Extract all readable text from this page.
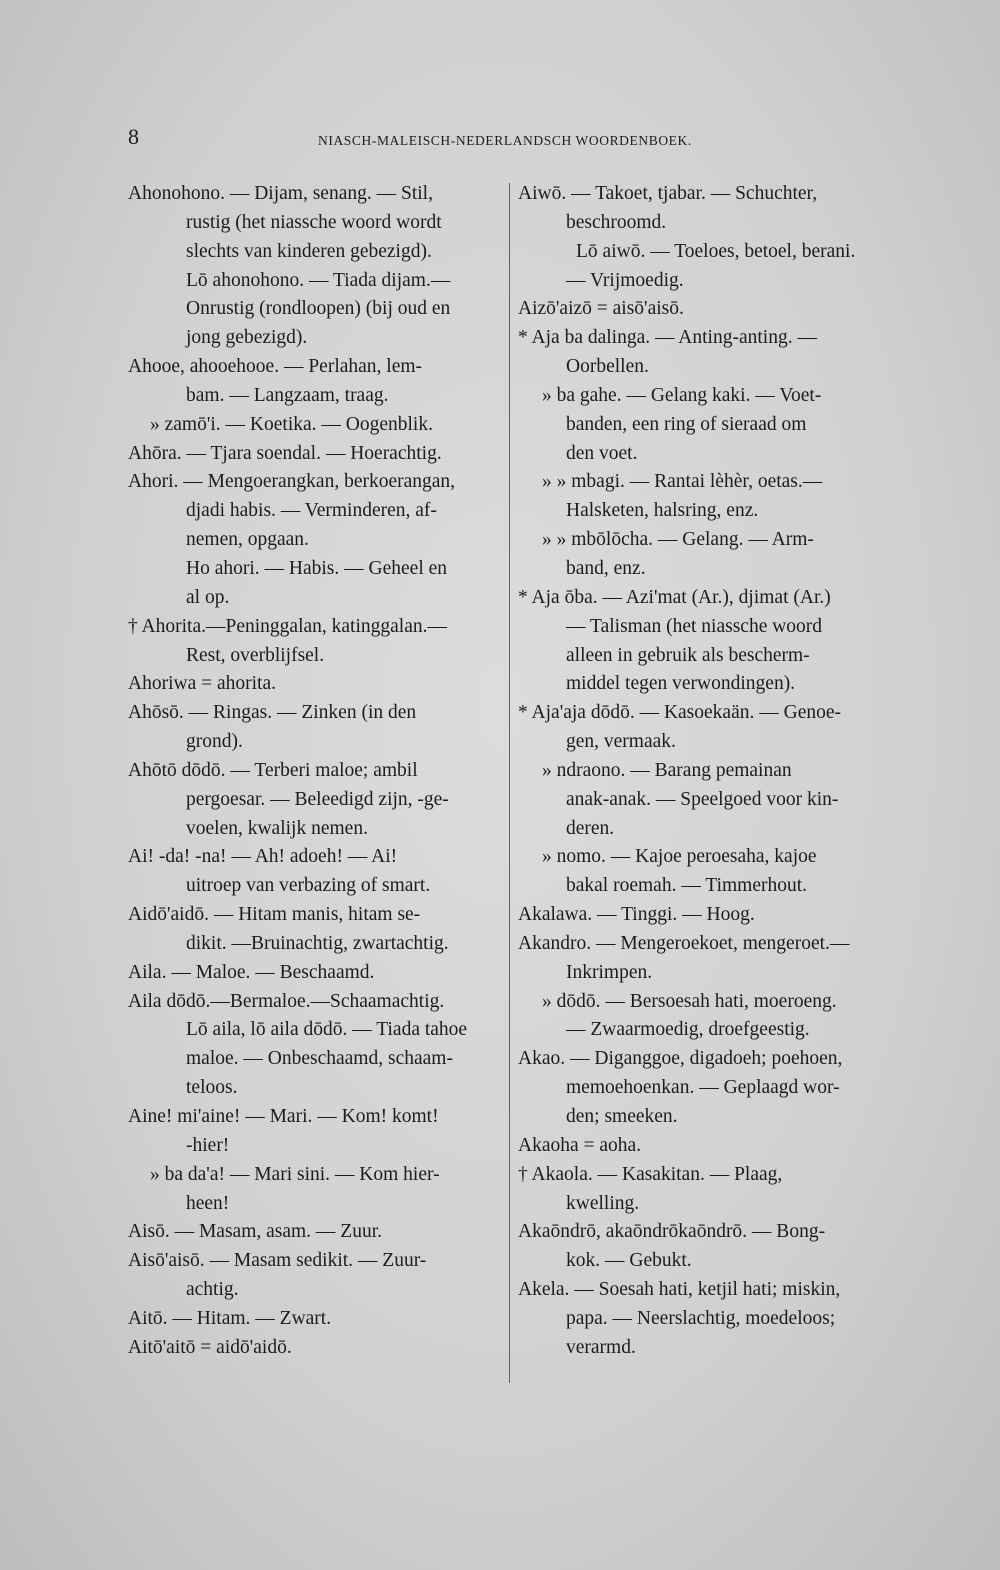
8	NIASCH-MALEISCH-NEDERLANDSCH WOORDENBOEK.
Ahonohono. — Dijam, senang. — Stil,
rustig (het niassche woord wordt
slechts van kinderen gebezigd).
Lō ahonohono. — Tiada dijam.—
Onrustig (rondloopen) (bij oud en
jong gebezigd).
Ahooe, ahooehooe. — Perlahan, lem-
bam. — Langzaam, traag.
» zamō'i. — Koetika. — Oogenblik.
Ahōra. — Tjara soendal. — Hoerachtig.
Ahori. — Mengoerangkan, berkoerangan,
djadi habis. — Verminderen, af-
nemen, opgaan.
Ho ahori. — Habis. — Geheel en
al op.
† Ahorita.—Peninggalan, katinggalan.—
Rest, overblijfsel.
Ahoriwa = ahorita.
Ahōsō. — Ringas. — Zinken (in den
grond).
Ahōtō dōdō. — Terberi maloe; ambil
pergoesar. — Beleedigd zijn, -ge-
voelen, kwalijk nemen.
Ai! -da! -na! — Ah! adoeh! — Ai!
uitroep van verbazing of smart.
Aidō'aidō. — Hitam manis, hitam se-
dikit. —Bruinachtig, zwartachtig.
Aila. — Maloe. — Beschaamd.
Aila dōdō.—Bermaloe.—Schaamachtig.
Lō aila, lō aila dōdō. — Tiada tahoe
maloe. — Onbeschaamd, schaam-
teloos.
Aine! mi'aine! — Mari. — Kom! komt!
-hier!
» ba da'a! — Mari sini. — Kom hier-
heen!
Aisō. — Masam, asam. — Zuur.
Aisō'aisō. — Masam sedikit. — Zuur-
achtig.
Aitō. — Hitam. — Zwart.
Aitō'aitō = aidō'aidō.
Aiwō. — Takoet, tjabar. — Schuchter,
beschroomd.
Lō aiwō. — Toeloes, betoel, berani.
— Vrijmoedig.
Aizō'aizō = aisō'aisō.
* Aja ba dalinga. — Anting-anting. —
Oorbellen.
» ba gahe. — Gelang kaki. — Voet-
banden, een ring of sieraad om
den voet.
» » mbagi. — Rantai lèhèr, oetas.—
Halsketen, halsring, enz.
» » mbōlōcha. — Gelang. — Arm-
band, enz.
* Aja ōba. — Azi'mat (Ar.), djimat (Ar.)
— Talisman (het niassche woord
alleen in gebruik als bescherm-
middel tegen verwondingen).
* Aja'aja dōdō. — Kasoekaän. — Genoe-
gen, vermaak.
» ndraono. — Barang pemainan
anak-anak. — Speelgoed voor kin-
deren.
» nomo. — Kajoe peroesaha, kajoe
bakal roemah. — Timmerhout.
Akalawa. — Tinggi. — Hoog.
Akandro. — Mengeroekoet, mengeroet.—
Inkrimpen.
» dōdō. — Bersoesah hati, moeroeng.
— Zwaarmoedig, droefgeestig.
Akao. — Diganggoe, digadoeh; poehoen,
memoehoenkan. — Geplaagd wor-
den; smeeken.
Akaoha = aoha.
† Akaola. — Kasakitan. — Plaag,
kwelling.
Akaōndrō, akaōndrōkaōndrō. — Bong-
kok. — Gebukt.
Akela. — Soesah hati, ketjil hati; miskin,
papa. — Neerslachtig, moedeloos;
verarmd.
